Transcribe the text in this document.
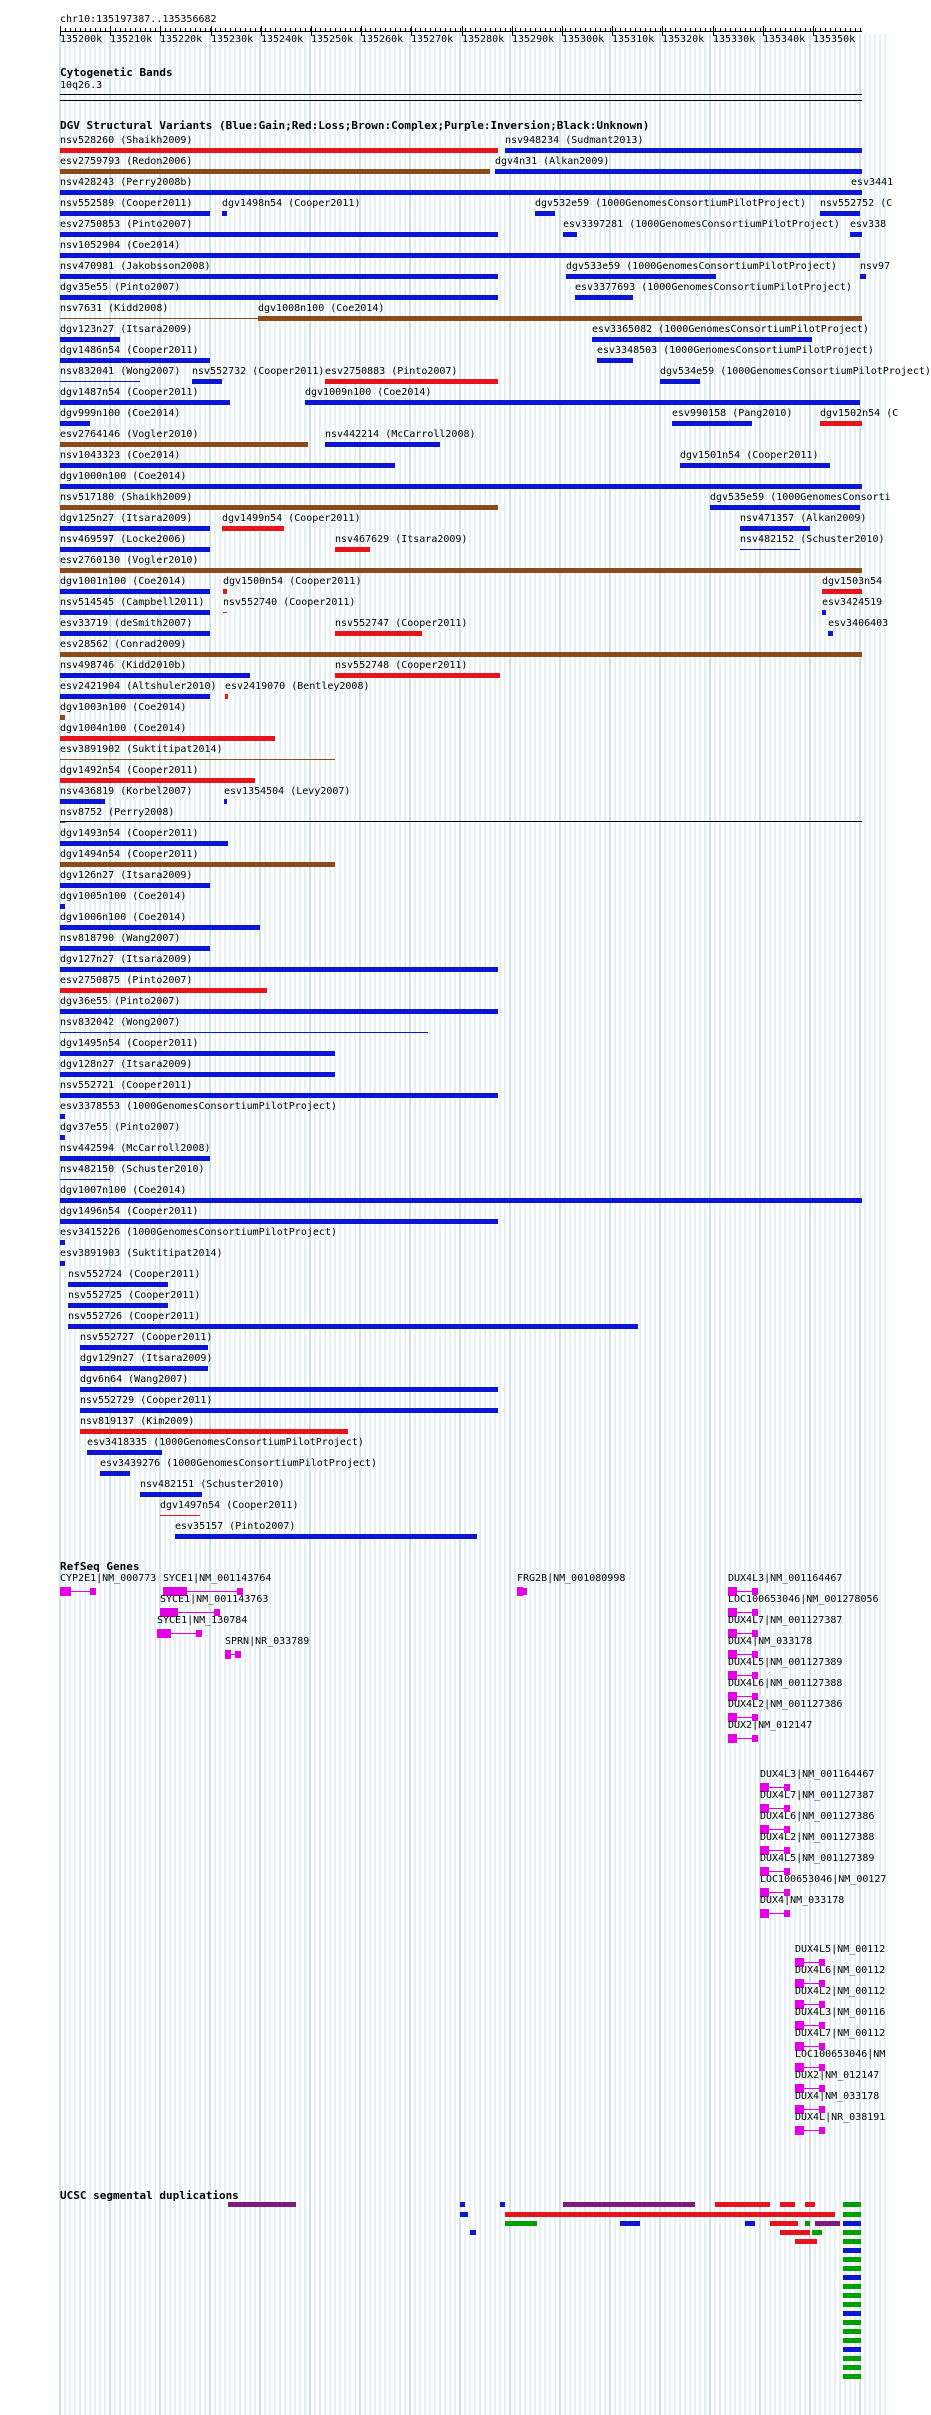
chr10:135197387..135356682
135200k 135210k 135220k 135230k 135240k 135250k 135260k 135270k 135280k 135290k 135300k 135310k 135320k 135330k 135340k 135350k
Cytogenetic Bands
10q26.3
DGV Structural Variants (Blue:Gain;Red:Loss;Brown:Complex;Purple:Inversion;Black:Unknown)
nsv528260 (Shaikh2009)	nsv948234 (Sudmant2013)
esv2759793 (Redon2006)	dgv4n31 (Alkan2009)
nsv428243 (Perry2008b)	esv3441
nsv552589 (Cooper2011)	dgv1498n54 (Cooper2011)	dgv532e59 (1000GenomesConsortiumPilotProject) nsv552752 (C
esv2750853 (Pinto2007)	esv3397281 (1000GenomesConsortiumPilotProject) esv338
nsv1052904 (Coe2014)
nsv470981 (Jakobsson2008)	dgv533e59 (1000GenomesConsortiumPilotProject) nsv97
dgv35e55 (Pinto2007)	esv3377693 (1000GenomesConsortiumPilotProject)
nsv7631 (Kidd2008)	dgv1008n100 (Coe2014)
dgv123n27 (Itsara2009)	esv3365082 (1000GenomesConsortiumPilotProject)
dgv1486n54 (Cooper2011)	esv3348503 (1000GenomesConsortiumPilotProject)
nsv832041 (Wong2007) nsv552732 (Cooper2011) esv2750883 (Pinto2007)	dgv534e59 (1000GenomesConsortiumPilotProject)
dgv1487n54 (Cooper2011)	dgv1009n100 (Coe2014)
dgv999n100 (Coe2014)	esv990158 (Pang2010)	dgv1502n54 (C
esv2764146 (Vogler2010)	nsv442214 (McCarroll2008)
nsv1043323 (Coe2014)	dgv1501n54 (Cooper2011)
dgv1000n100 (Coe2014)
nsv517180 (Shaikh2009)	dgv535e59 (1000GenomesConsorti
dgv125n27 (Itsara2009)	dgv1499n54 (Cooper2011)	nsv471357 (Alkan2009)
nsv469597 (Locke2006)	nsv467629 (Itsara2009)	nsv482152 (Schuster2010)
esv2760130 (Vogler2010)
dgv1001n100 (Coe2014)	dgv1500n54 (Cooper2011)	dgv1503n54
nsv514545 (Campbell2011) nsv552740 (Cooper2011)	esv3424519
esv33719 (deSmith2007)	nsv552747 (Cooper2011)	esv3406403
esv28562 (Conrad2009)
nsv498746 (Kidd2010b)	nsv552748 (Cooper2011)
esv2421904 (Altshuler2010) esv2419070 (Bentley2008)
dgv1003n100 (Coe2014)
dgv1004n100 (Coe2014)
esv3891902 (Suktitipat2014)
dgv1492n54 (Cooper2011)
nsv436819 (Korbel2007)	esv1354504 (Levy2007)
nsv8752 (Perry2008)
dgv1493n54 (Cooper2011)
dgv1494n54 (Cooper2011)
dgv126n27 (Itsara2009)
dgv1005n100 (Coe2014)
dgv1006n100 (Coe2014)
nsv818790 (Wang2007)
dgv127n27 (Itsara2009)
esv2750875 (Pinto2007)
dgv36e55 (Pinto2007)
nsv832042 (Wong2007)
dgv1495n54 (Cooper2011)
dgv128n27 (Itsara2009)
nsv552721 (Cooper2011)
esv3378553 (1000GenomesConsortiumPilotProject)
dgv37e55 (Pinto2007)
nsv442594 (McCarroll2008)
nsv482150 (Schuster2010)
dgv1007n100 (Coe2014)
dgv1496n54 (Cooper2011)
esv3415226 (1000GenomesConsortiumPilotProject)
esv3891903 (Suktitipat2014)
nsv552724 (Cooper2011)
nsv552725 (Cooper2011)
nsv552726 (Cooper2011)
nsv552727 (Cooper2011)
dgv129n27 (Itsara2009)
dgv6n64 (Wang2007)
nsv552729 (Cooper2011)
nsv819137 (Kim2009)
esv3418335 (1000GenomesConsortiumPilotProject)
esv3439276 (1000GenomesConsortiumPilotProject)
nsv482151 (Schuster2010)
dgv1497n54 (Cooper2011)
esv35157 (Pinto2007)
RefSeq Genes
CYP2E1|NM_000773 SYCE1|NM_001143764
SYCE1|NM_001143763
SYCE1|NM_130784
SPRN|NR_033789
FRG2B|NM_001080998	DUX4L3|NM_001164467
LOC100653046|NM_001278056
DUX4L7|NM_001127387
DUX4|NM_033178
DUX4L5|NM_001127389
DUX4L6|NM_001127388
DUX4L2|NM_001127386
DUX2|NM_012147
DUX4L3|NM_001164467
DUX4L7|NM_001127387
DUX4L6|NM_001127386
DUX4L2|NM_001127388
DUX4L5|NM_001127389
LOC100653046|NM_00127
DUX4|NM_033178
DUX4L5|NM_00112
DUX4L6|NM_00112
DUX4L2|NM_00112
DUX4L3|NM_00116
DUX4L7|NM_00112
LOC100653046|NM
DUX2|NM_012147
DUX4|NM_033178
DUX4L|NR_038191
UCSC segmental duplications
